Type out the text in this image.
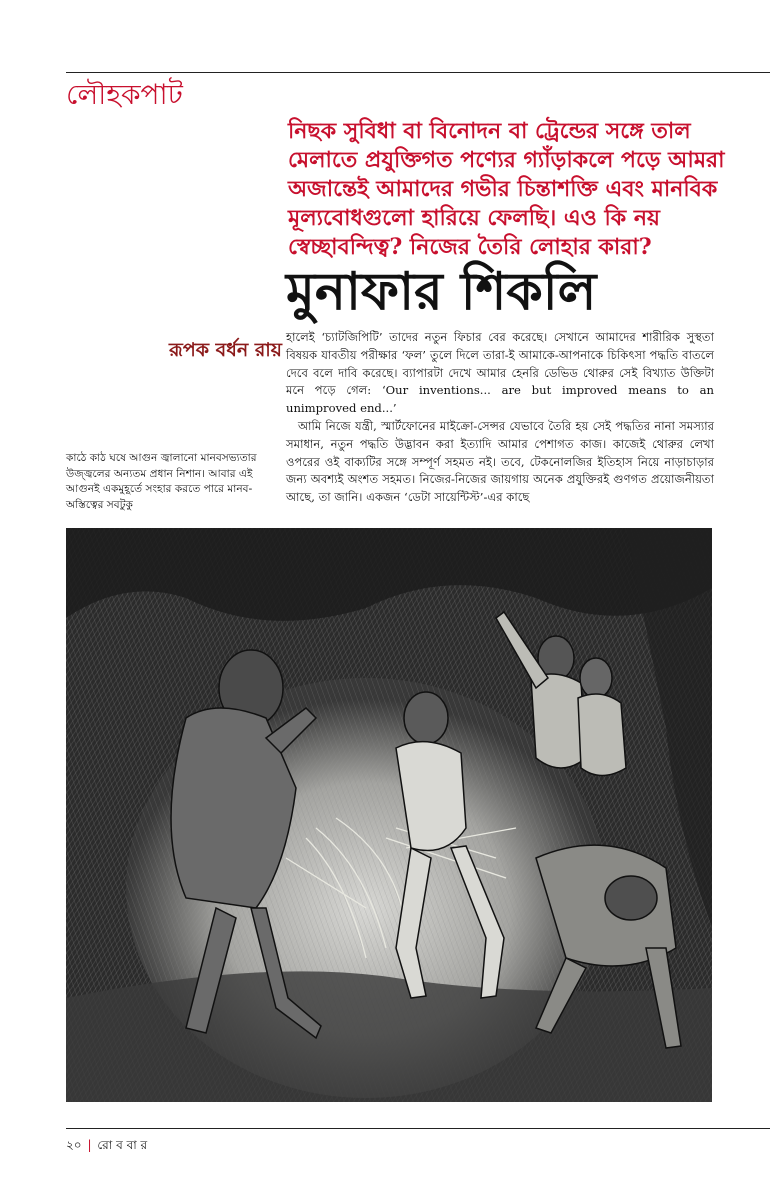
লৌহকপাট
নিছক সুবিধা বা বিনোদন বা ট্রেন্ডের সঙ্গে তাল মেলাতে প্রযুক্তিগত পণ্যের গ্যাঁড়াকলে পড়ে আমরা অজান্তেই আমাদের গভীর চিন্তাশক্তি এবং মানবিক মূল্যবোধগুলো হারিয়ে ফেলছি। এও কি নয় স্বেচ্ছাবন্দিত্ব? নিজের তৈরি লোহার কারা?
মুনাফার শিকলি
রূপক বর্ধন রায়

হালেই ‘চ্যাটজিপিটি’ তাদের নতুন ফিচার বের করেছে। সেখানে আমাদের শারীরিক সুস্থতা বিষয়ক যাবতীয় পরীক্ষার ‘ফল’ তুলে দিলে তারা-ই আমাকে-আপনাকে চিকিৎসা পদ্ধতি বাতলে দেবে বলে দাবি করেছে। ব্যাপারটা দেখে আমার হেনরি ডেভিড থোরুর সেই বিখ্যাত উক্তিটা মনে পড়ে গেল: ‘Our inventions... are but improved means to an unimproved end...’

আমি নিজে যন্ত্রী, স্মার্টফোনের মাইক্রো-সেন্সর যেভাবে তৈরি হয় সেই পদ্ধতির নানা সমস্যার সমাধান, নতুন পদ্ধতি উদ্ভাবন করা ইত্যাদি আমার পেশাগত কাজ। কাজেই থোরুর লেখা ওপরের ওই বাক্যটির সঙ্গে সম্পূর্ণ সহমত নই। তবে, টেকনোলজির ইতিহাস নিয়ে নাড়াচাড়ার জন্য অবশ্যই অংশত সহমত। নিজের-নিজের জায়গায় অনেক প্রযুক্তিরই গুণগত প্রয়োজনীয়তা আছে, তা জানি। একজন ‘ডেটা সায়েন্টিস্ট’-এর কাছে

কাঠে কাঠ ঘষে আগুন জ্বালানো মানবসভ্যতার উজ্জ্বলের অন্যতম প্রধান নিশান। আবার এই আগুনই একমুহূর্তে সংহার করতে পারে মানব-অস্তিত্বের সবটুকু
২০ | রো ব বা র
